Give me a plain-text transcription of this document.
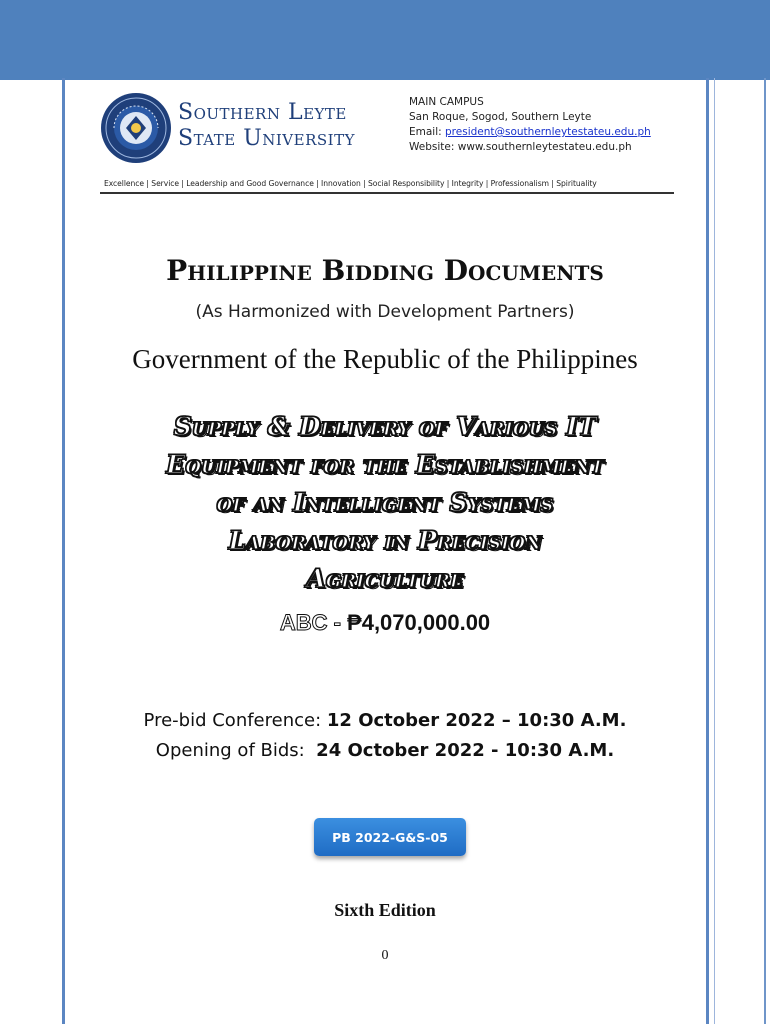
Southern Leyte
State University
MAIN CAMPUS
San Roque, Sogod, Southern Leyte
Email: president@southernleytestateu.edu.ph
Website: www.southernleytestateu.edu.ph
Excellence | Service | Leadership and Good Governance | Innovation | Social Responsibility | Integrity | Professionalism | Spirituality
Philippine Bidding Documents
(As Harmonized with Development Partners)
Government of the Republic of the Philippines
Supply & Delivery of Various IT
Equipment for the Establishment
of an Intelligent Systems
Laboratory in Precision
Agriculture
ABC - ₱4,070,000.00
Pre-bid Conference: 12 October 2022 – 10:30 A.M.
Opening of Bids:  24 October 2022 - 10:30 A.M.
PB 2022-G&S-05
Sixth Edition
0
